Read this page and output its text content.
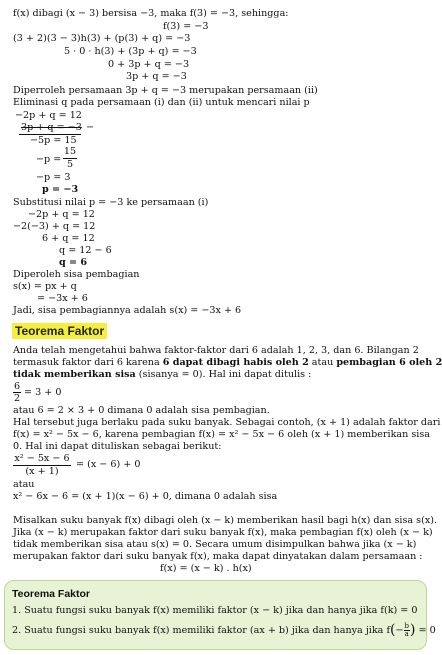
f(x) dibagi (x − 3) bersisa −3, maka f(3) = −3, sehingga:
f(3) = −3
(3 + 2)(3 − 3)h(3) + (p(3) + q) = −3
5 · 0 · h(3) + (3p + q) = −3
0 + 3p + q = −3
3p + q = −3
Diperroleh persamaan 3p + q = −3 merupakan persamaan (ii)
Eliminasi q pada persamaan (i) dan (ii) untuk mencari nilai p
−2p + q = 12
3p + q = −3 −
−5p = 15
−p =
15
5
−p = 3
p = −3
Substitusi nilai p = −3 ke persamaan (i)
−2p + q = 12
−2(−3) + q = 12
6 + q = 12
q = 12 − 6
q = 6
Diperoleh sisa pembagian
s(x) = px + q
= −3x + 6
Jadi, sisa pembagiannya adalah s(x) = −3x + 6
Teorema Faktor
Anda telah mengetahui bahwa faktor-faktor dari 6 adalah 1, 2, 3, dan 6. Bilangan 2
termasuk faktor dari 6 karena 6 dapat dibagi habis oleh 2 atau pembagian 6 oleh 2
tidak memberikan sisa (sisanya = 0). Hal ini dapat ditulis :
6
2
= 3 + 0
atau 6 = 2 × 3 + 0 dimana 0 adalah sisa pembagian.
Hal tersebut juga berlaku pada suku banyak. Sebagai contoh, (x + 1) adalah faktor dari
f(x) = x² − 5x − 6, karena pembagian f(x) = x² − 5x − 6 oleh (x + 1) memberikan sisa
0. Hal ini dapat dituliskan sebagai berikut:
x² − 5x − 6
(x + 1)
= (x − 6) + 0
atau
x² − 6x − 6 = (x + 1)(x − 6) + 0, dimana 0 adalah sisa
Misalkan suku banyak f(x) dibagi oleh (x − k) memberikan hasil bagi h(x) dan sisa s(x).
Jika (x − k) merupakan faktor dari suku banyak f(x), maka pembagian f(x) oleh (x − k)
tidak memberikan sisa atau s(x) = 0. Secara umum disimpulkan bahwa jika (x − k)
merupakan faktor dari suku banyak f(x), maka dapat dinyatakan dalam persamaan :
f(x) = (x − k) . h(x)
Teorema Faktor
1. Suatu fungsi suku banyak f(x) memiliki faktor (x − k) jika dan hanya jika f(k) = 0
2. Suatu fungsi suku banyak f(x) memiliki faktor (ax + b) jika dan hanya jika $f(- \frac{b}{a}$ ) = 0
